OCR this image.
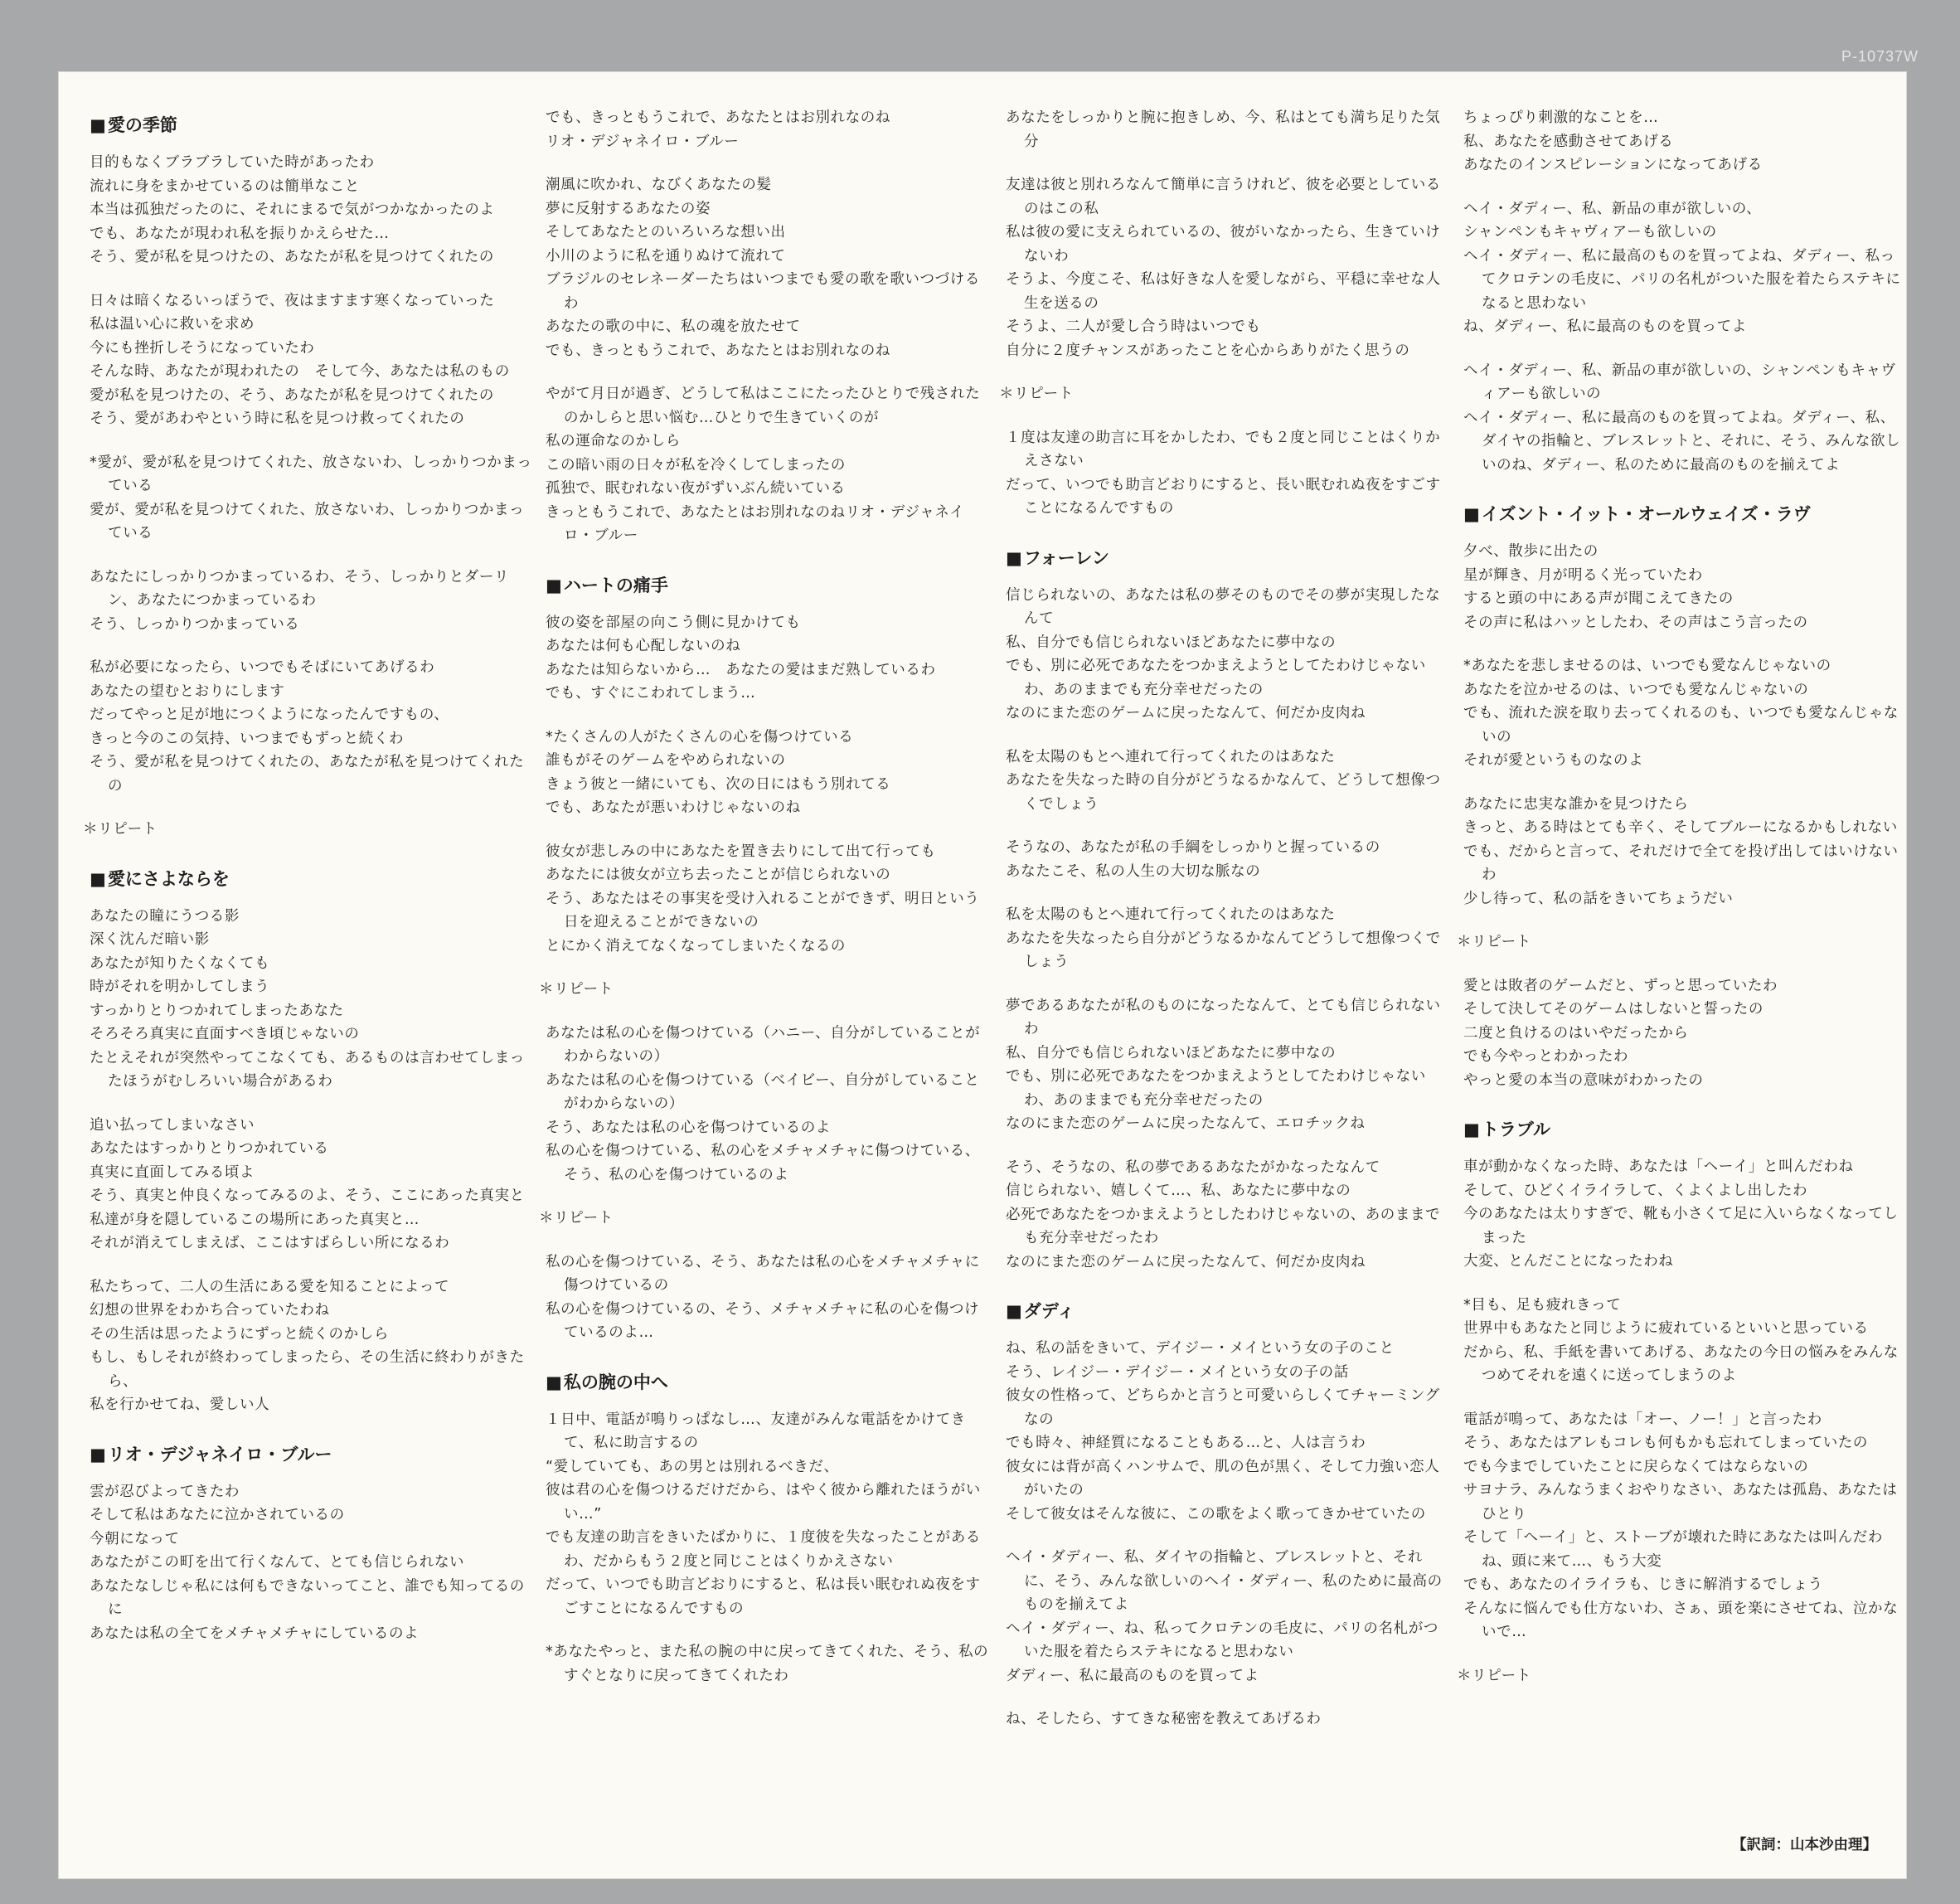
P-10737W
■ 愛の季節
目的もなくブラブラしていた時があったわ
流れに身をまかせているのは簡単なこと
本当は孤独だったのに、それにまるで気がつかなかったのよ
でも、あなたが現われ私を振りかえらせた…
そう、愛が私を見つけたの、あなたが私を見つけてくれたの
日々は暗くなるいっぽうで、夜はますます寒くなっていった
私は温い心に救いを求め
今にも挫折しそうになっていたわ
そんな時、あなたが現われたの　そして今、あなたは私のもの
愛が私を見つけたの、そう、あなたが私を見つけてくれたの
そう、愛があわやという時に私を見つけ救ってくれたの
*愛が、愛が私を見つけてくれた、放さないわ、しっかりつかまっている
愛が、愛が私を見つけてくれた、放さないわ、しっかりつかまっている
あなたにしっかりつかまっているわ、そう、しっかりとダーリン、あなたにつかまっているわ
そう、しっかりつかまっている
私が必要になったら、いつでもそばにいてあげるわ
あなたの望むとおりにします
だってやっと足が地につくようになったんですもの、
きっと今のこの気持、いつまでもずっと続くわ
そう、愛が私を見つけてくれたの、あなたが私を見つけてくれたの
＊リピート
■ 愛にさよならを
あなたの瞳にうつる影
深く沈んだ暗い影
あなたが知りたくなくても
時がそれを明かしてしまう
すっかりとりつかれてしまったあなた
そろそろ真実に直面すべき頃じゃないの
たとえそれが突然やってこなくても、あるものは言わせてしまったほうがむしろいい場合があるわ
追い払ってしまいなさい
あなたはすっかりとりつかれている
真実に直面してみる頃よ
そう、真実と仲良くなってみるのよ、そう、ここにあった真実と
私達が身を隠しているこの場所にあった真実と…
それが消えてしまえば、ここはすばらしい所になるわ
私たちって、二人の生活にある愛を知ることによって
幻想の世界をわかち合っていたわね
その生活は思ったようにずっと続くのかしら
もし、もしそれが終わってしまったら、その生活に終わりがきたら、
私を行かせてね、愛しい人
■ リオ・デジャネイロ・ブルー
雲が忍びよってきたわ
そして私はあなたに泣かされているの
今朝になって
あなたがこの町を出て行くなんて、とても信じられない
あなたなしじゃ私には何もできないってこと、誰でも知ってるのに
あなたは私の全てをメチャメチャにしているのよ
でも、きっともうこれで、あなたとはお別れなのね
リオ・デジャネイロ・ブルー
潮風に吹かれ、なびくあなたの髪
夢に反射するあなたの姿
そしてあなたとのいろいろな想い出
小川のように私を通りぬけて流れて
ブラジルのセレネーダーたちはいつまでも愛の歌を歌いつづけるわ
あなたの歌の中に、私の魂を放たせて
でも、きっともうこれで、あなたとはお別れなのね
やがて月日が過ぎ、どうして私はここにたったひとりで残されたのかしらと思い悩む…ひとりで生きていくのが
私の運命なのかしら
この暗い雨の日々が私を冷くしてしまったの
孤独で、眠むれない夜がずいぶん続いている
きっともうこれで、あなたとはお別れなのねリオ・デジャネイロ・ブルー
■ ハートの痛手
彼の姿を部屋の向こう側に見かけても
あなたは何も心配しないのね
あなたは知らないから…　あなたの愛はまだ熟しているわ
でも、すぐにこわれてしまう…
*たくさんの人がたくさんの心を傷つけている
誰もがそのゲームをやめられないの
きょう彼と一緒にいても、次の日にはもう別れてる
でも、あなたが悪いわけじゃないのね
彼女が悲しみの中にあなたを置き去りにして出て行っても
あなたには彼女が立ち去ったことが信じられないの
そう、あなたはその事実を受け入れることができず、明日という日を迎えることができないの
とにかく消えてなくなってしまいたくなるの
＊リピート
あなたは私の心を傷つけている（ハニー、自分がしていることがわからないの）
あなたは私の心を傷つけている（ベイビー、自分がしていることがわからないの）
そう、あなたは私の心を傷つけているのよ
私の心を傷つけている、私の心をメチャメチャに傷つけている、そう、私の心を傷つけているのよ
＊リピート
私の心を傷つけている、そう、あなたは私の心をメチャメチャに傷つけているの
私の心を傷つけているの、そう、メチャメチャに私の心を傷つけているのよ…
■ 私の腕の中へ
１日中、電話が鳴りっぱなし…、友達がみんな電話をかけてきて、私に助言するの
“愛していても、あの男とは別れるべきだ、
彼は君の心を傷つけるだけだから、はやく彼から離れたほうがいい…”
でも友達の助言をきいたばかりに、１度彼を失なったことがあるわ、だからもう２度と同じことはくりかえさない
だって、いつでも助言どおりにすると、私は長い眠むれぬ夜をすごすことになるんですもの
*あなたやっと、また私の腕の中に戻ってきてくれた、そう、私のすぐとなりに戻ってきてくれたわ
あなたをしっかりと腕に抱きしめ、今、私はとても満ち足りた気分
友達は彼と別れろなんて簡単に言うけれど、彼を必要としているのはこの私
私は彼の愛に支えられているの、彼がいなかったら、生きていけないわ
そうよ、今度こそ、私は好きな人を愛しながら、平穏に幸せな人生を送るの
そうよ、二人が愛し合う時はいつでも
自分に２度チャンスがあったことを心からありがたく思うの
＊リピート
１度は友達の助言に耳をかしたわ、でも２度と同じことはくりかえさない
だって、いつでも助言どおりにすると、長い眠むれぬ夜をすごすことになるんですもの
■ フォーレン
信じられないの、あなたは私の夢そのものでその夢が実現したなんて
私、自分でも信じられないほどあなたに夢中なの
でも、別に必死であなたをつかまえようとしてたわけじゃないわ、あのままでも充分幸せだったの
なのにまた恋のゲームに戻ったなんて、何だか皮肉ね
私を太陽のもとへ連れて行ってくれたのはあなた
あなたを失なった時の自分がどうなるかなんて、どうして想像つくでしょう
そうなの、あなたが私の手綱をしっかりと握っているの
あなたこそ、私の人生の大切な脈なの
私を太陽のもとへ連れて行ってくれたのはあなた
あなたを失なったら自分がどうなるかなんてどうして想像つくでしょう
夢であるあなたが私のものになったなんて、とても信じられないわ
私、自分でも信じられないほどあなたに夢中なの
でも、別に必死であなたをつかまえようとしてたわけじゃないわ、あのままでも充分幸せだったの
なのにまた恋のゲームに戻ったなんて、エロチックね
そう、そうなの、私の夢であるあなたがかなったなんて
信じられない、嬉しくて…、私、あなたに夢中なの
必死であなたをつかまえようとしたわけじゃないの、あのままでも充分幸せだったわ
なのにまた恋のゲームに戻ったなんて、何だか皮肉ね
■ ダディ
ね、私の話をきいて、デイジー・メイという女の子のこと
そう、レイジー・デイジー・メイという女の子の話
彼女の性格って、どちらかと言うと可愛いらしくてチャーミングなの
でも時々、神経質になることもある…と、人は言うわ
彼女には背が高くハンサムで、肌の色が黒く、そして力強い恋人がいたの
そして彼女はそんな彼に、この歌をよく歌ってきかせていたの
ヘイ・ダディー、私、ダイヤの指輪と、ブレスレットと、それに、そう、みんな欲しいのヘイ・ダディー、私のために最高のものを揃えてよ
ヘイ・ダディー、ね、私ってクロテンの毛皮に、パリの名札がついた服を着たらステキになると思わない
ダディー、私に最高のものを買ってよ
ね、そしたら、すてきな秘密を教えてあげるわ
ちょっぴり刺激的なことを…
私、あなたを感動させてあげる
あなたのインスピレーションになってあげる
ヘイ・ダディー、私、新品の車が欲しいの、
シャンペンもキャヴィアーも欲しいの
ヘイ・ダディー、私に最高のものを買ってよね、ダディー、私ってクロテンの毛皮に、パリの名札がついた服を着たらステキになると思わない
ね、ダディー、私に最高のものを買ってよ
ヘイ・ダディー、私、新品の車が欲しいの、シャンペンもキャヴィアーも欲しいの
ヘイ・ダディー、私に最高のものを買ってよね。ダディー、私、ダイヤの指輪と、ブレスレットと、それに、そう、みんな欲しいのね、ダディー、私のために最高のものを揃えてよ
■ イズント・イット・オールウェイズ・ラヴ
夕べ、散歩に出たの
星が輝き、月が明るく光っていたわ
すると頭の中にある声が聞こえてきたの
その声に私はハッとしたわ、その声はこう言ったの
*あなたを悲しませるのは、いつでも愛なんじゃないの
あなたを泣かせるのは、いつでも愛なんじゃないの
でも、流れた涙を取り去ってくれるのも、いつでも愛なんじゃないの
それが愛というものなのよ
あなたに忠実な誰かを見つけたら
きっと、ある時はとても辛く、そしてブルーになるかもしれない
でも、だからと言って、それだけで全てを投げ出してはいけないわ
少し待って、私の話をきいてちょうだい
＊リピート
愛とは敗者のゲームだと、ずっと思っていたわ
そして決してそのゲームはしないと誓ったの
二度と負けるのはいやだったから
でも今やっとわかったわ
やっと愛の本当の意味がわかったの
■ トラブル
車が動かなくなった時、あなたは「ヘーイ」と叫んだわね
そして、ひどくイライラして、くよくよし出したわ
今のあなたは太りすぎで、靴も小さくて足に入いらなくなってしまった
大変、とんだことになったわね
*目も、足も疲れきって
世界中もあなたと同じように疲れているといいと思っている
だから、私、手紙を書いてあげる、あなたの今日の悩みをみんなつめてそれを遠くに送ってしまうのよ
電話が鳴って、あなたは「オー、ノー！」と言ったわ
そう、あなたはアレもコレも何もかも忘れてしまっていたの
でも今までしていたことに戻らなくてはならないの
サヨナラ、みんなうまくおやりなさい、あなたは孤島、あなたはひとり
そして「ヘーイ」と、ストーブが壊れた時にあなたは叫んだわね、頭に来て…、もう大変
でも、あなたのイライラも、じきに解消するでしょう
そんなに悩んでも仕方ないわ、さぁ、頭を楽にさせてね、泣かないで…
＊リピート
【訳詞：山本沙由理】
